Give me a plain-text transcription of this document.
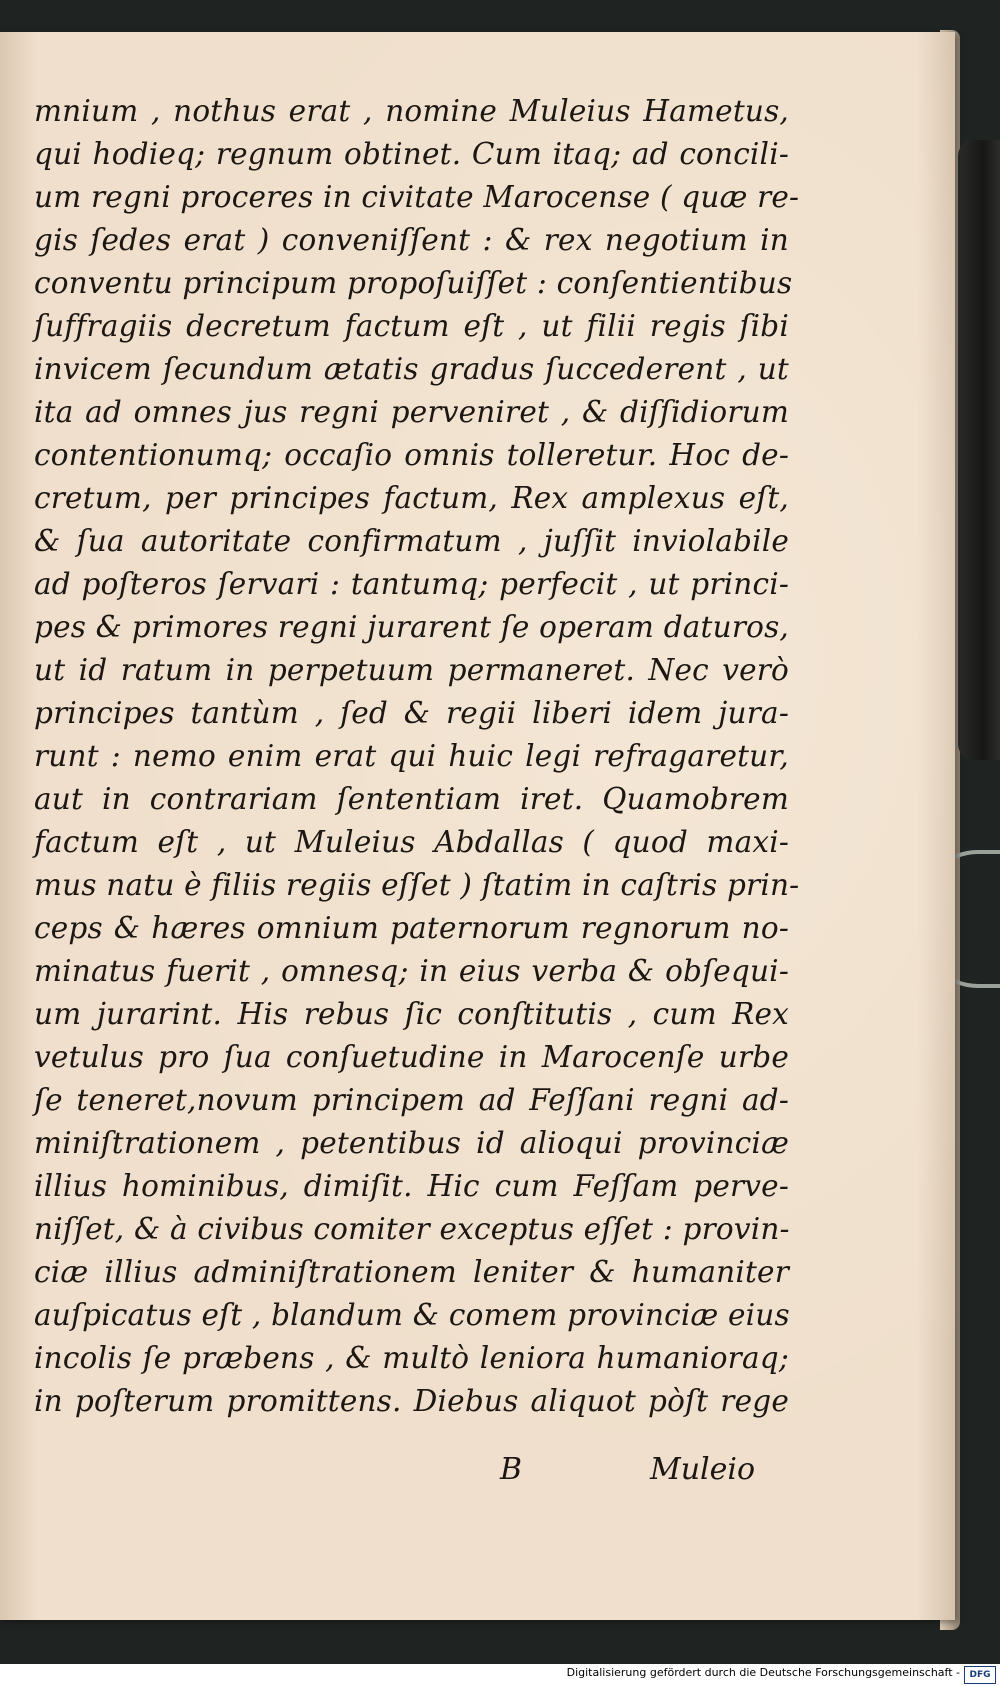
mnium , nothus erat , nomine Muleius Hametus,
qui hodieq; regnum obtinet. Cum itaq; ad concili-
um regni proceres in civitate Marocense ( quæ re-
gis ſedes erat ) conveniſſent : & rex negotium in
conventu principum propoſuiſſet : conſentientibus
ſuffragiis decretum factum eſt , ut filii regis ſibi
invicem ſecundum ætatis gradus ſuccederent , ut
ita ad omnes jus regni perveniret , & diſſidiorum
contentionumq; occaſio omnis tolleretur. Hoc de-
cretum, per principes factum, Rex amplexus eſt,
& ſua autoritate confirmatum , juſſit inviolabile
ad poſteros ſervari : tantumq; perfecit , ut princi-
pes & primores regni jurarent ſe operam daturos,
ut id ratum in perpetuum permaneret. Nec verò
principes tantùm , ſed & regii liberi idem jura-
runt : nemo enim erat qui huic legi refragaretur,
aut in contrariam ſententiam iret. Quamobrem
factum eſt , ut Muleius Abdallas ( quod maxi-
mus natu è filiis regiis eſſet ) ſtatim in caſtris prin-
ceps & hæres omnium paternorum regnorum no-
minatus fuerit , omnesq; in eius verba & obſequi-
um jurarint. His rebus ſic conſtitutis , cum Rex
vetulus pro ſua conſuetudine in Marocenſe urbe
ſe teneret,novum principem ad Feſſani regni ad-
miniſtrationem , petentibus id alioqui provinciæ
illius hominibus, dimiſit. Hic cum Feſſam perve-
niſſet, & à civibus comiter exceptus eſſet : provin-
ciæ illius adminiſtrationem leniter & humaniter
auſpicatus eſt , blandum & comem provinciæ eius
incolis ſe præbens , & multò leniora humanioraq;
in poſterum promittens. Diebus aliquot pòſt rege
B	Muleio
Digitalisierung gefördert durch die Deutsche Forschungsgemeinschaft -	DFG
